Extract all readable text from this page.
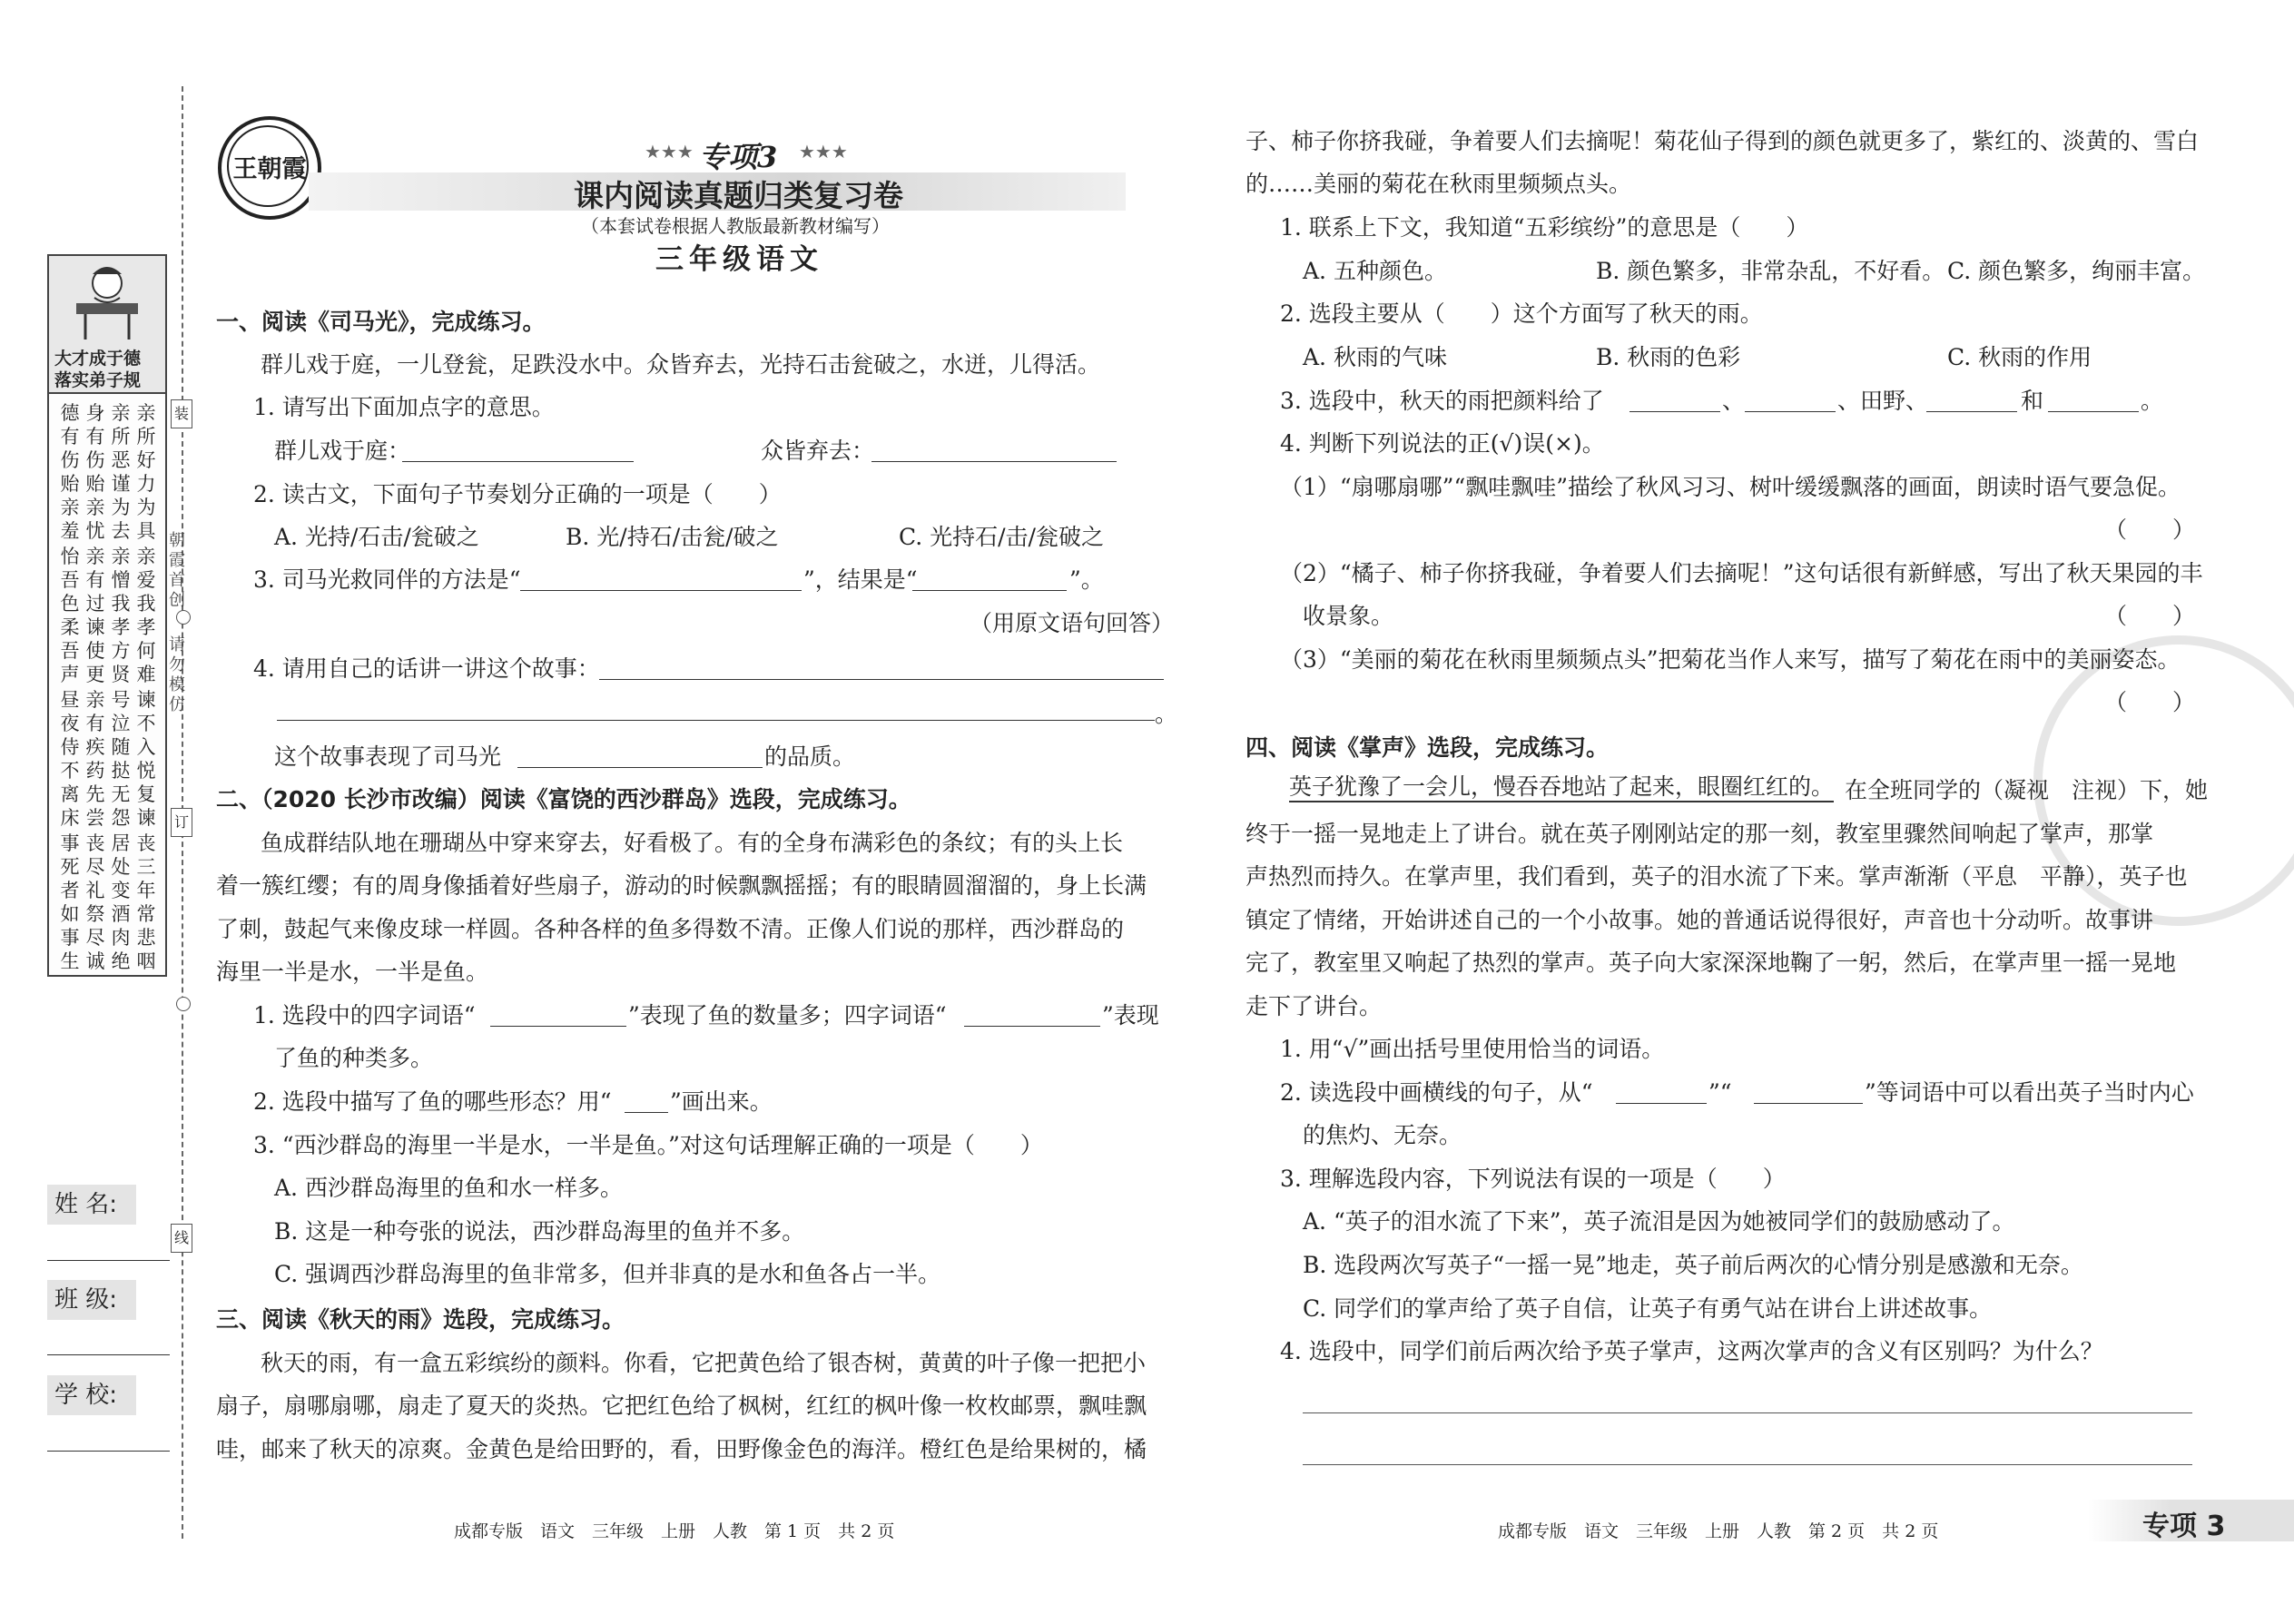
装
订
线
朝霞首创
请勿模仿
大才成于德
落实弟子规
亲所好力为具
亲所恶谨为去
身有伤贻亲忧
德有伤贻亲羞
亲爱我孝何难
亲憎我孝方贤
亲有过谏使更
怡吾色柔吾声
谏不入悦复谏
号泣随挞无怨
亲有疾药先尝
昼夜侍不离床
丧三年常悲咽
居处变酒肉绝
丧尽礼祭尽诚
事死者如事生
姓 名:
班 级:
学 校:
王朝霞	专项3
★★★	★★★
课内阅读真题归类复习卷
（本套试卷根据人教版最新教材编写）
三年级语文
一、阅读《司马光》，完成练习。
群儿戏于庭，一儿登瓮，足跌没水中。众皆弃去，光持石击瓮破之，水迸，儿得活。
1. 请写出下面加点字的意思。
群儿戏于庭：	众皆弃去：
2. 读古文，下面句子节奏划分正确的一项是（　　）
A. 光持/石击/瓮破之	B. 光/持石/击瓮/破之	C. 光持石/击/瓮破之
3. 司马光救同伴的方法是“	”，结果是“	”。
（用原文语句回答）
4. 请用自己的话讲一讲这个故事：
。
这个故事表现了司马光	的品质。
二、（2020 长沙市改编）阅读《富饶的西沙群岛》选段，完成练习。
鱼成群结队地在珊瑚丛中穿来穿去，好看极了。有的全身布满彩色的条纹；有的头上长
着一簇红缨；有的周身像插着好些扇子，游动的时候飘飘摇摇；有的眼睛圆溜溜的，身上长满
了刺，鼓起气来像皮球一样圆。各种各样的鱼多得数不清。正像人们说的那样，西沙群岛的
海里一半是水，一半是鱼。
1. 选段中的四字词语“	”表现了鱼的数量多；四字词语“	”表现
了鱼的种类多。
2. 选段中描写了鱼的哪些形态？用“	”画出来。
3. “西沙群岛的海里一半是水，一半是鱼。”对这句话理解正确的一项是（　　）
A. 西沙群岛海里的鱼和水一样多。
B. 这是一种夸张的说法，西沙群岛海里的鱼并不多。
C. 强调西沙群岛海里的鱼非常多，但并非真的是水和鱼各占一半。
三、阅读《秋天的雨》选段，完成练习。
秋天的雨，有一盒五彩缤纷的颜料。你看，它把黄色给了银杏树，黄黄的叶子像一把把小
扇子，扇哪扇哪，扇走了夏天的炎热。它把红色给了枫树，红红的枫叶像一枚枚邮票，飘哇飘
哇，邮来了秋天的凉爽。金黄色是给田野的，看，田野像金色的海洋。橙红色是给果树的，橘
成都专版　语文　三年级　上册　人教　第 1 页　共 2 页
子、柿子你挤我碰，争着要人们去摘呢！菊花仙子得到的颜色就更多了，紫红的、淡黄的、雪白
的……美丽的菊花在秋雨里频频点头。
1. 联系上下文，我知道“五彩缤纷”的意思是（　　）
A. 五种颜色。	B. 颜色繁多，非常杂乱，不好看。 C. 颜色繁多，绚丽丰富。
2. 选段主要从（　　）这个方面写了秋天的雨。
A. 秋雨的气味	B. 秋雨的色彩	C. 秋雨的作用
3. 选段中，秋天的雨把颜料给了	、	、田野、	和	。
4. 判断下列说法的正(√)误(×)。
（1）“扇哪扇哪”“飘哇飘哇”描绘了秋风习习、树叶缓缓飘落的画面，朗读时语气要急促。
（　　）
（2）“橘子、柿子你挤我碰，争着要人们去摘呢！”这句话很有新鲜感，写出了秋天果园的丰
收景象。	（　　）
（3）“美丽的菊花在秋雨里频频点头”把菊花当作人来写，描写了菊花在雨中的美丽姿态。
（　　）
四、阅读《掌声》选段，完成练习。
英子犹豫了一会儿，慢吞吞地站了起来，眼圈红红的。 在全班同学的（凝视　注视）下，她
终于一摇一晃地走上了讲台。就在英子刚刚站定的那一刻，教室里骤然间响起了掌声，那掌
声热烈而持久。在掌声里，我们看到，英子的泪水流了下来。掌声渐渐（平息　平静），英子也
镇定了情绪，开始讲述自己的一个小故事。她的普通话说得很好，声音也十分动听。故事讲
完了，教室里又响起了热烈的掌声。英子向大家深深地鞠了一躬，然后，在掌声里一摇一晃地
走下了讲台。
1. 用“√”画出括号里使用恰当的词语。
2. 读选段中画横线的句子，从“	”“	”等词语中可以看出英子当时内心
的焦灼、无奈。
3. 理解选段内容，下列说法有误的一项是（　　）
A. “英子的泪水流了下来”，英子流泪是因为她被同学们的鼓励感动了。
B. 选段两次写英子“一摇一晃”地走，英子前后两次的心情分别是感激和无奈。
C. 同学们的掌声给了英子自信，让英子有勇气站在讲台上讲述故事。
4. 选段中，同学们前后两次给予英子掌声，这两次掌声的含义有区别吗？为什么？
成都专版　语文　三年级　上册　人教　第 2 页　共 2 页	专项 3
